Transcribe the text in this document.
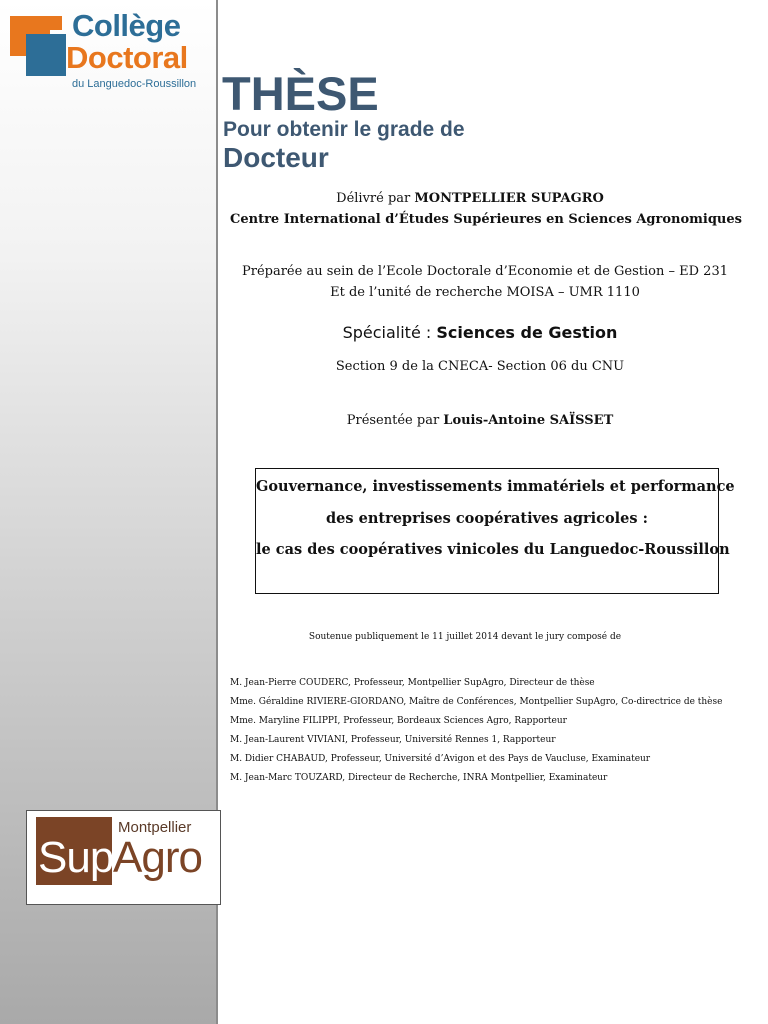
Collège
Doctoral
du Languedoc-Roussillon
Montpellier
Sup Agro
THÈSE
Pour obtenir le grade de
Docteur
Délivré par MONTPELLIER SUPAGRO
Centre International d’Études Supérieures en Sciences Agronomiques
Préparée au sein de l’Ecole Doctorale d’Economie et de Gestion – ED 231
Et de l’unité de recherche MOISA – UMR 1110
Spécialité : Sciences de Gestion
Section 9 de la CNECA- Section 06 du CNU
Présentée par Louis-Antoine SAÏSSET
Gouvernance, investissements immatériels et performance
des entreprises coopératives agricoles :
le cas des coopératives vinicoles du Languedoc-Roussillon
Soutenue publiquement le 11 juillet 2014 devant le jury composé de
M. Jean-Pierre COUDERC, Professeur, Montpellier SupAgro, Directeur de thèse
Mme. Géraldine RIVIERE-GIORDANO, Maître de Conférences, Montpellier SupAgro, Co-directrice de thèse
Mme. Maryline FILIPPI, Professeur, Bordeaux Sciences Agro, Rapporteur
M. Jean-Laurent VIVIANI, Professeur, Université Rennes 1, Rapporteur
M. Didier CHABAUD, Professeur, Université d’Avigon et des Pays de Vaucluse, Examinateur
M. Jean-Marc TOUZARD, Directeur de Recherche, INRA Montpellier, Examinateur
